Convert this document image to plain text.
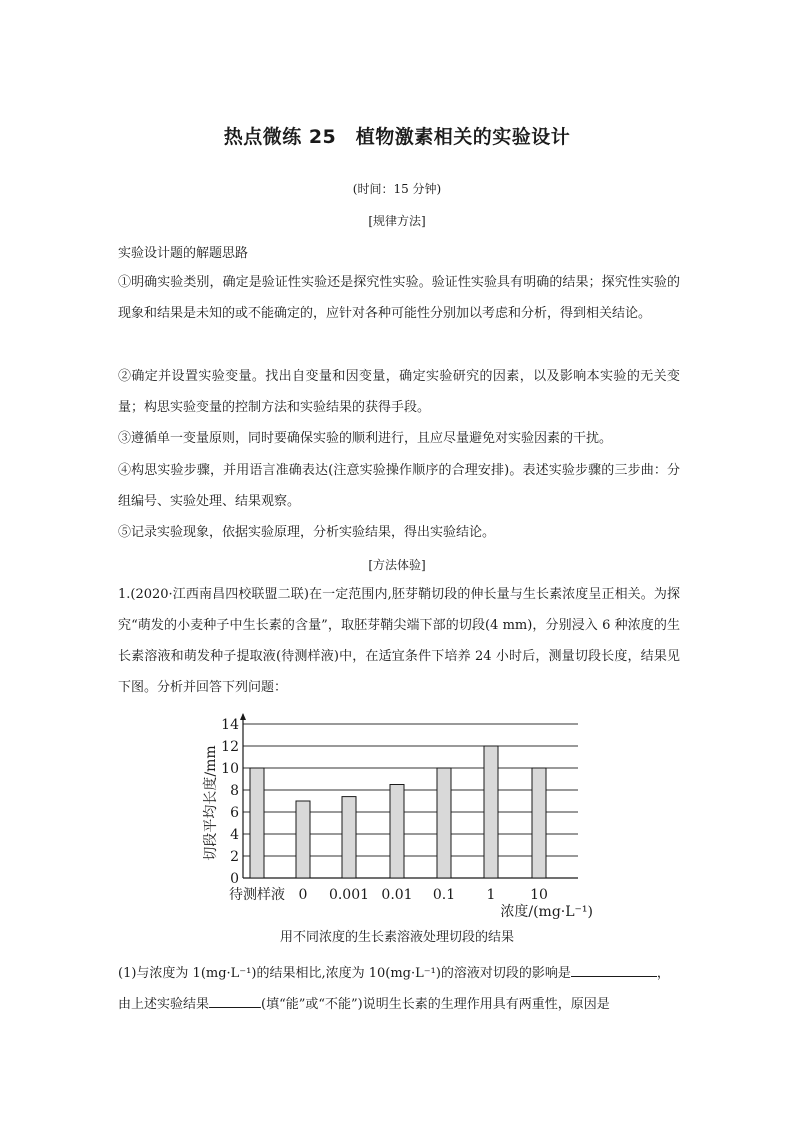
热点微练 25　植物激素相关的实验设计
(时间：15 分钟)
[规律方法]
实验设计题的解题思路

①明确实验类别，确定是验证性实验还是探究性实验。验证性实验具有明确的结果；探究性实验的现象和结果是未知的或不能确定的，应针对各种可能性分别加以考虑和分析，得到相关结论。

②确定并设置实验变量。找出自变量和因变量，确定实验研究的因素，以及影响本实验的无关变量；构思实验变量的控制方法和实验结果的获得手段。

③遵循单一变量原则，同时要确保实验的顺利进行，且应尽量避免对实验因素的干扰。

④构思实验步骤，并用语言准确表达(注意实验操作顺序的合理安排)。表述实验步骤的三步曲：分组编号、实验处理、结果观察。

⑤记录实验现象，依据实验原理，分析实验结果，得出实验结论。

[方法体验]

1.(2020·江西南昌四校联盟二联)在一定范围内,胚芽鞘切段的伸长量与生长素浓度呈正相关。为探究“萌发的小麦种子中生长素的含量”，取胚芽鞘尖端下部的切段(4 mm)，分别浸入 6 种浓度的生长素溶液和萌发种子提取液(待测样液)中，在适宜条件下培养 24 小时后，测量切段长度，结果见下图。分析并回答下列问题：

0
2
4
6
8
10
12
14
切段平均长度/mm
待测样液 0 0.001 0.01 0.1 1 10
浓度/(mg·L⁻¹)
用不同浓度的生长素溶液处理切段的结果
(1)与浓度为 1(mg·L⁻¹)的结果相比,浓度为 10(mg·L⁻¹)的溶液对切段的影响是	，
由上述实验结果	(填“能”或“不能”)说明生长素的生理作用具有两重性，原因是
